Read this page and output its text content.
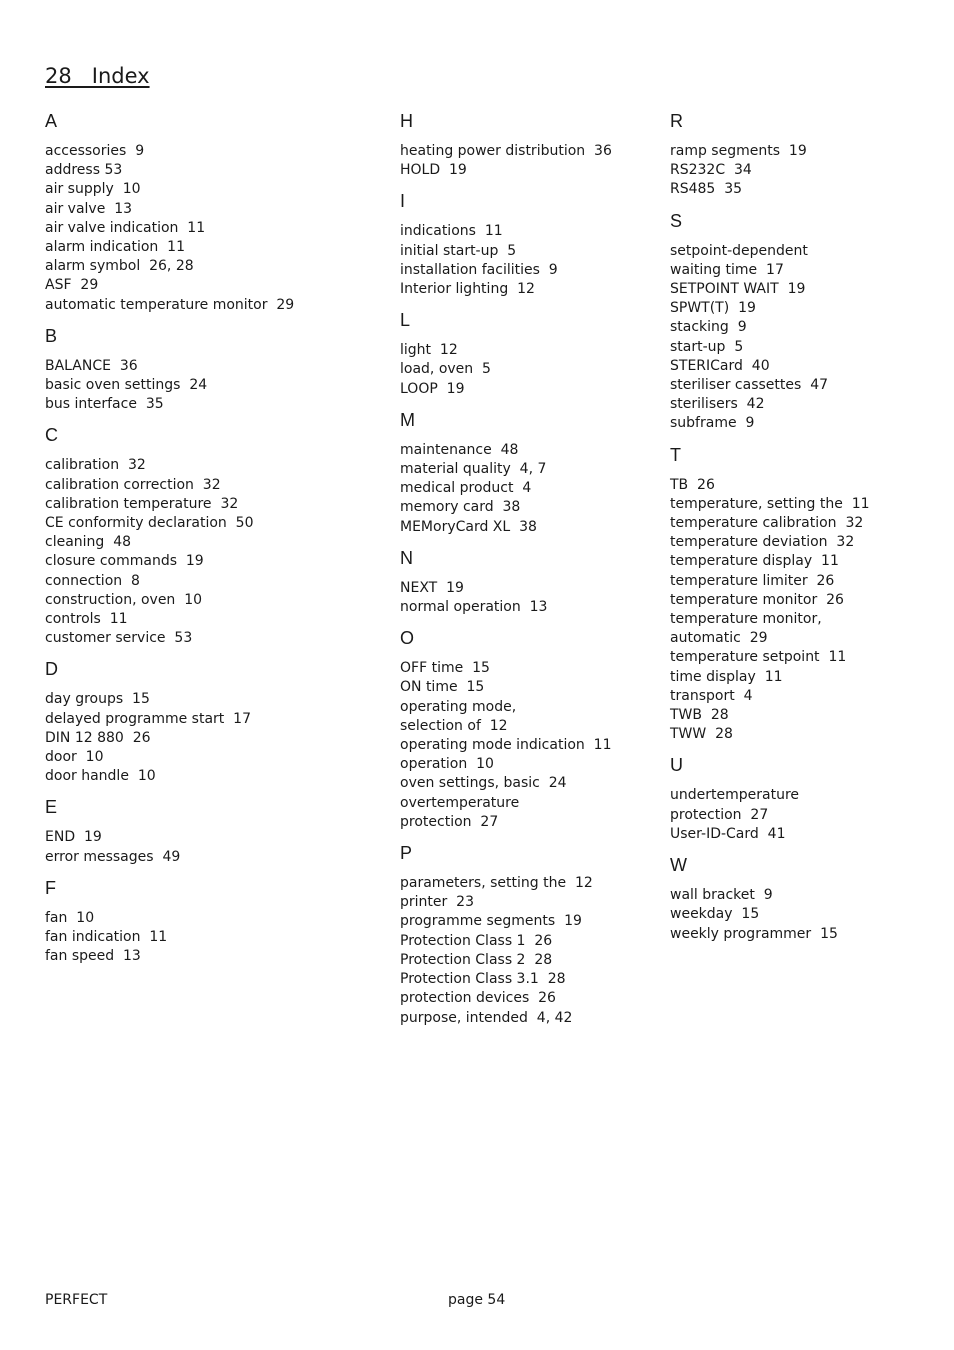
28   Index
A
accessories  9
address 53
air supply  10
air valve  13
air valve indication  11
alarm indication  11
alarm symbol  26, 28
ASF  29
automatic temperature monitor  29
B
BALANCE  36
basic oven settings  24
bus interface  35
C
calibration  32
calibration correction  32
calibration temperature  32
CE conformity declaration  50
cleaning  48
closure commands  19
connection  8
construction, oven  10
controls  11
customer service  53
D
day groups  15
delayed programme start  17
DIN 12 880  26
door  10
door handle  10
E
END  19
error messages  49
F
fan  10
fan indication  11
fan speed  13
H
heating power distribution  36
HOLD  19
I
indications  11
initial start-up  5
installation facilities  9
Interior lighting  12
L
light  12
load, oven  5
LOOP  19
M
maintenance  48
material quality  4, 7
medical product  4
memory card  38
MEMoryCard XL  38
N
NEXT  19
normal operation  13
O
OFF time  15
ON time  15
operating mode,
selection of  12
operating mode indication  11
operation  10
oven settings, basic  24
overtemperature
protection  27
P
parameters, setting the  12
printer  23
programme segments  19
Protection Class 1  26
Protection Class 2  28
Protection Class 3.1  28
protection devices  26
purpose, intended  4, 42
R
ramp segments  19
RS232C  34
RS485  35
S
setpoint-dependent
waiting time  17
SETPOINT WAIT  19
SPWT(T)  19
stacking  9
start-up  5
STERICard  40
steriliser cassettes  47
sterilisers  42
subframe  9
T
TB  26
temperature, setting the  11
temperature calibration  32
temperature deviation  32
temperature display  11
temperature limiter  26
temperature monitor  26
temperature monitor,
automatic  29
temperature setpoint  11
time display  11
transport  4
TWB  28
TWW  28
U
undertemperature
protection  27
User-ID-Card  41
W
wall bracket  9
weekday  15
weekly programmer  15
PERFECT	page 54
